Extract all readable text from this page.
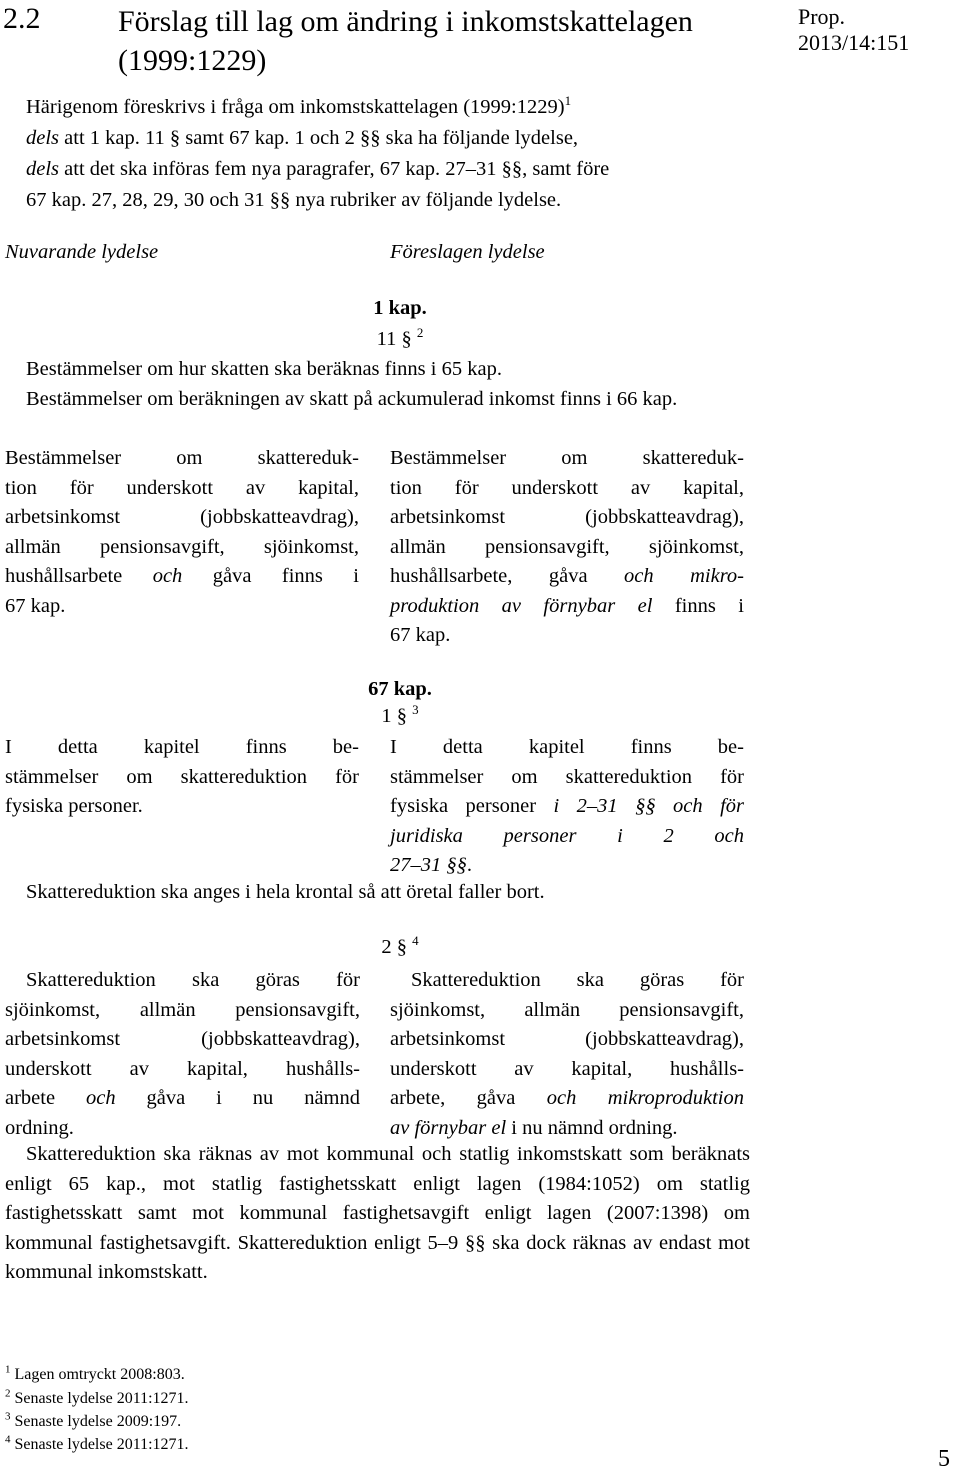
2.2	Förslag till lag om ändring i inkomstskattelagen (1999:1229)
Prop. 2013/14:151
Härigenom föreskrivs i fråga om inkomstskattelagen (1999:1229)$^1$
dels att 1 kap. 11 § samt 67 kap. 1 och 2 §§ ska ha följande lydelse,
dels att det ska införas fem nya paragrafer, 67 kap. 27–31 §§, samt före
67 kap. 27, 28, 29, 30 och 31 §§ nya rubriker av följande lydelse.
Nuvarande lydelse	Föreslagen lydelse
1 kap.
11 § $^2$
Bestämmelser om hur skatten ska beräknas finns i 65 kap.
Bestämmelser om beräkningen av skatt på ackumulerad inkomst finns i 66 kap.
Bestämmelser om skattereduk-
tion för underskott av kapital,
arbetsinkomst (jobbskatteavdrag),
allmän pensionsavgift, sjöinkomst,
hushållsarbete och gåva finns i
67 kap.
Bestämmelser om skattereduk-
tion för underskott av kapital,
arbetsinkomst (jobbskatteavdrag),
allmän pensionsavgift, sjöinkomst,
hushållsarbete, gåva och mikro-
produktion av förnybar el finns i
67 kap.
67 kap.
1 § $^3$
I detta kapitel finns be-
stämmelser om skattereduktion för
fysiska personer.
I detta kapitel finns be-
stämmelser om skattereduktion för
fysiska personer i 2–31 §§ och för
juridiska personer i 2 och
27–31 §§.
Skattereduktion ska anges i hela krontal så att öretal faller bort.
2 § $^4$
Skattereduktion ska göras för
sjöinkomst, allmän pensionsavgift,
arbetsinkomst (jobbskatteavdrag),
underskott av kapital, hushålls-
arbete och gåva i nu nämnd
ordning.
Skattereduktion ska göras för
sjöinkomst, allmän pensionsavgift,
arbetsinkomst (jobbskatteavdrag),
underskott av kapital, hushålls-
arbete, gåva och mikroproduktion
av förnybar el i nu nämnd ordning.
Skattereduktion ska räknas av mot kommunal och statlig inkomstskatt som beräknats enligt 65 kap., mot statlig fastighetsskatt enligt lagen (1984:1052) om statlig fastighetsskatt samt mot kommunal fastighetsavgift enligt lagen (2007:1398) om kommunal fastighetsavgift. Skattereduktion enligt 5–9 §§ ska dock räknas av endast mot kommunal inkomstskatt.
$^1$ Lagen omtryckt 2008:803.
$^2$ Senaste lydelse 2011:1271.
$^3$ Senaste lydelse 2009:197.
$^4$ Senaste lydelse 2011:1271.
5
